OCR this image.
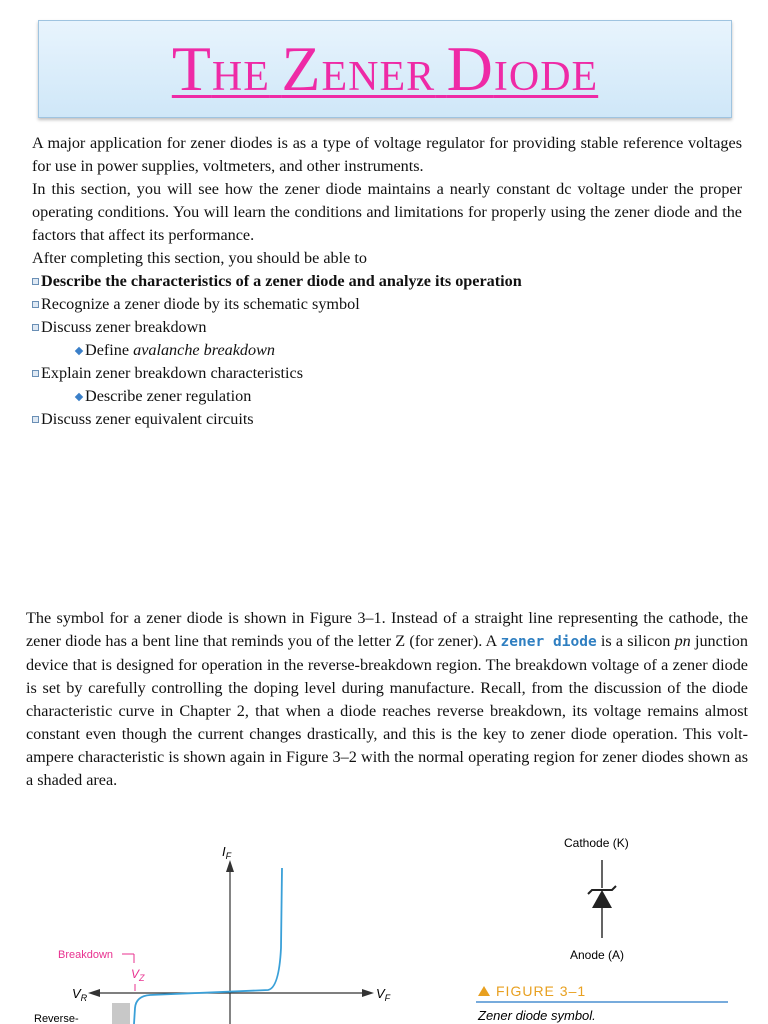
THE ZENER DIODE

A major application for zener diodes is as a type of voltage regulator for providing stable reference voltages for use in power supplies, voltmeters, and other instruments.

In this section, you will see how the zener diode maintains a nearly constant dc voltage under the proper operating conditions. You will learn the conditions and limitations for properly using the zener diode and the factors that affect its performance.

After completing this section, you should be able to

Describe the characteristics of a zener diode and analyze its operation
Recognize a zener diode by its schematic symbol
Discuss zener breakdown
Define avalanche breakdown
Explain zener breakdown characteristics
Describe zener regulation
Discuss zener equivalent circuits

The symbol for a zener diode is shown in Figure 3–1. Instead of a straight line representing the cathode, the zener diode has a bent line that reminds you of the letter Z (for zener). A zener diode is a silicon pn junction device that is designed for operation in the reverse-breakdown region. The breakdown voltage of a zener diode is set by carefully controlling the doping level during manufacture. Recall, from the discussion of the diode characteristic curve in Chapter 2, that when a diode reaches reverse breakdown, its voltage remains almost constant even though the current changes drastically, and this is the key to zener diode operation. This volt-ampere characteristic is shown again in Figure 3–2 with the normal operating region for zener diodes shown as a shaded area.

$I_F$
$V_R$	$V_F$
Breakdown
$V_Z$
Reverse-
Cathode (K)
Anode (A)
FIGURE 3–1
Zener diode symbol.
